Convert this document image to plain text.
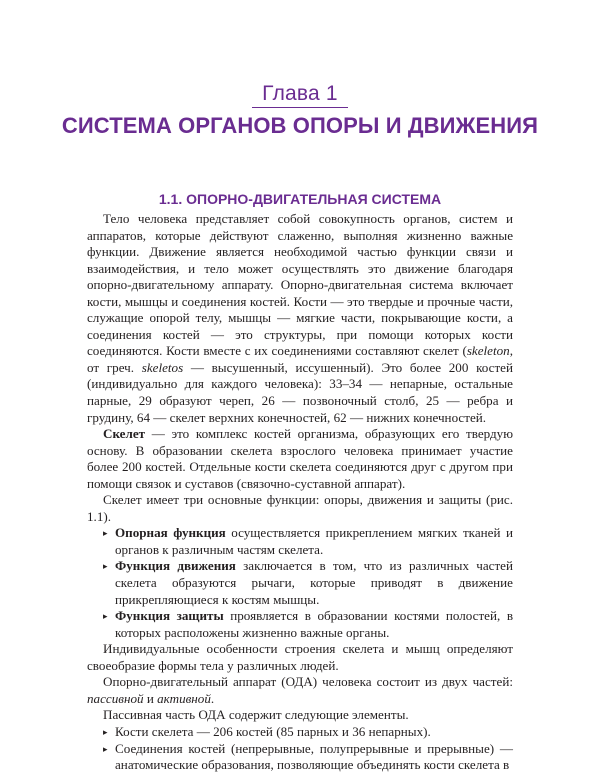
Глава 1
СИСТЕМА ОРГАНОВ ОПОРЫ И ДВИЖЕНИЯ
1.1. ОПОРНО-ДВИГАТЕЛЬНАЯ СИСТЕМА

Тело человека представляет собой совокупность органов, систем и аппаратов, которые действуют слаженно, выполняя жизненно важные функции. Движение является необходимой частью функции связи и взаимодействия, и тело может осуществлять это движение благодаря опорно-двигательному аппарату. Опорно-двигательная система включает кости, мышцы и соединения костей. Кости — это твердые и прочные части, служащие опорой телу, мышцы — мягкие части, покрывающие кости, а соединения костей — это структуры, при помощи которых кости соединяются. Кости вместе с их соединениями составляют скелет (skeleton, от греч. skeletos — высушенный, иссушенный). Это более 200 костей (индивидуально для каждого человека): 33–34 — непарные, остальные парные, 29 образуют череп, 26 — позвоночный столб, 25 — ребра и грудину, 64 — скелет верхних конечностей, 62 — нижних конечностей.

Скелет — это комплекс костей организма, образующих его твердую основу. В образовании скелета взрослого человека принимает участие более 200 костей. Отдельные кости скелета соединяются друг с другом при помощи связок и суставов (связочно-суставной аппарат).

Скелет имеет три основные функции: опоры, движения и защиты (рис. 1.1).

▸ Опорная функция осуществляется прикреплением мягких тканей и органов к различным частям скелета.
▸ Функция движения заключается в том, что из различных частей скелета образуются рычаги, которые приводят в движение прикрепляющиеся к костям мышцы.
▸ Функция защиты проявляется в образовании костями полостей, в которых расположены жизненно важные органы.

Индивидуальные особенности строения скелета и мышц определяют своеобразие формы тела у различных людей.

Опорно-двигательный аппарат (ОДА) человека состоит из двух частей: пассивной и активной.

Пассивная часть ОДА содержит следующие элементы.

▸ Кости скелета — 206 костей (85 парных и 36 непарных).
▸ Соединения костей (непрерывные, полупрерывные и прерывные) — анатомические образования, позволяющие объединять кости скелета в
